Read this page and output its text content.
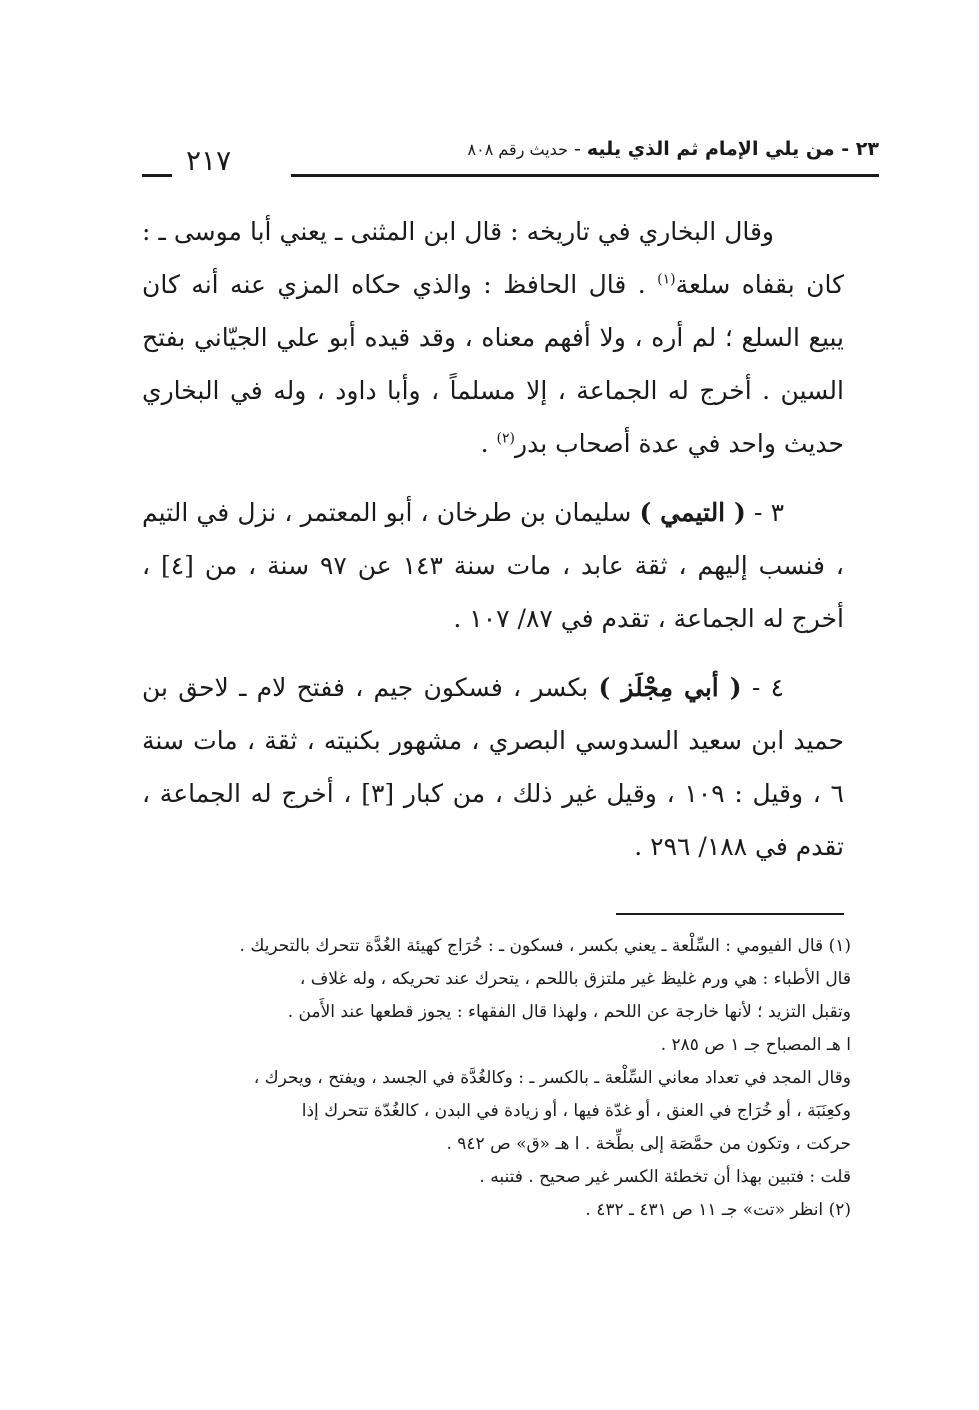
٢٣ - من يلي الإمام ثم الذي يليه - حديث رقم ٨٠٨
٢١٧

وقال البخاري في تاريخه : قال ابن المثنى ـ يعني أبا موسى ـ : كان بقفاه سلعة$^{(١)}$ . قال الحافظ : والذي حكاه المزي عنه أنه كان يبيع السلع ؛ لم أره ، ولا أفهم معناه ، وقد قيده أبو علي الجيّاني بفتح السين . أخرج له الجماعة ، إلا مسلماً ، وأبا داود ، وله في البخاري حديث واحد في عدة أصحاب بدر$^{(٢)}$ .

٣ - ( التيمي ) سليمان بن طرخان ، أبو المعتمر ، نزل في التيم ، فنسب إليهم ، ثقة عابد ، مات سنة ١٤٣ عن ٩٧ سنة ، من [٤] ، أخرج له الجماعة ، تقدم في ٨٧/ ١٠٧ .

٤ - ( أبي مِجْلَز ) بكسر ، فسكون جيم ، ففتح لام ـ لاحق بن حميد ابن سعيد السدوسي البصري ، مشهور بكنيته ، ثقة ، مات سنة ٦ ، وقيل : ١٠٩ ، وقيل غير ذلك ، من كبار [٣] ، أخرج له الجماعة ، تقدم في ١٨٨/ ٢٩٦ .

(١) قال الفيومي : السِّلْعة ـ يعني بكسر ، فسكون ـ : خُرَاج كهيئة الغُدَّة تتحرك بالتحريك .

قال الأطباء : هي ورم غليظ غير ملتزق باللحم ، يتحرك عند تحريكه ، وله غلاف ،

وتقبل التزيد ؛ لأنها خارجة عن اللحم ، ولهذا قال الفقهاء : يجوز قطعها عند الأَمن .

ا هـ المصباح جـ ١ ص ٢٨٥ .

وقال المجد في تعداد معاني السِّلْعة ـ بالكسر ـ : وكالغُدَّة في الجسد ، ويفتح ، ويحرك ،

وكعِنَبَة ، أو خُرَاج في العنق ، أو غدّة فيها ، أو زيادة في البدن ، كالغُدّة تتحرك إذا

حركت ، وتكون من حمَّصَة إلى بطِّخة . ا هـ «ق» ص ٩٤٢ .

قلت : فتبين بهذا أن تخطئة الكسر غير صحيح . فتنبه .

(٢) انظر «تت» جـ ١١ ص ٤٣١ ـ ٤٣٢ .
